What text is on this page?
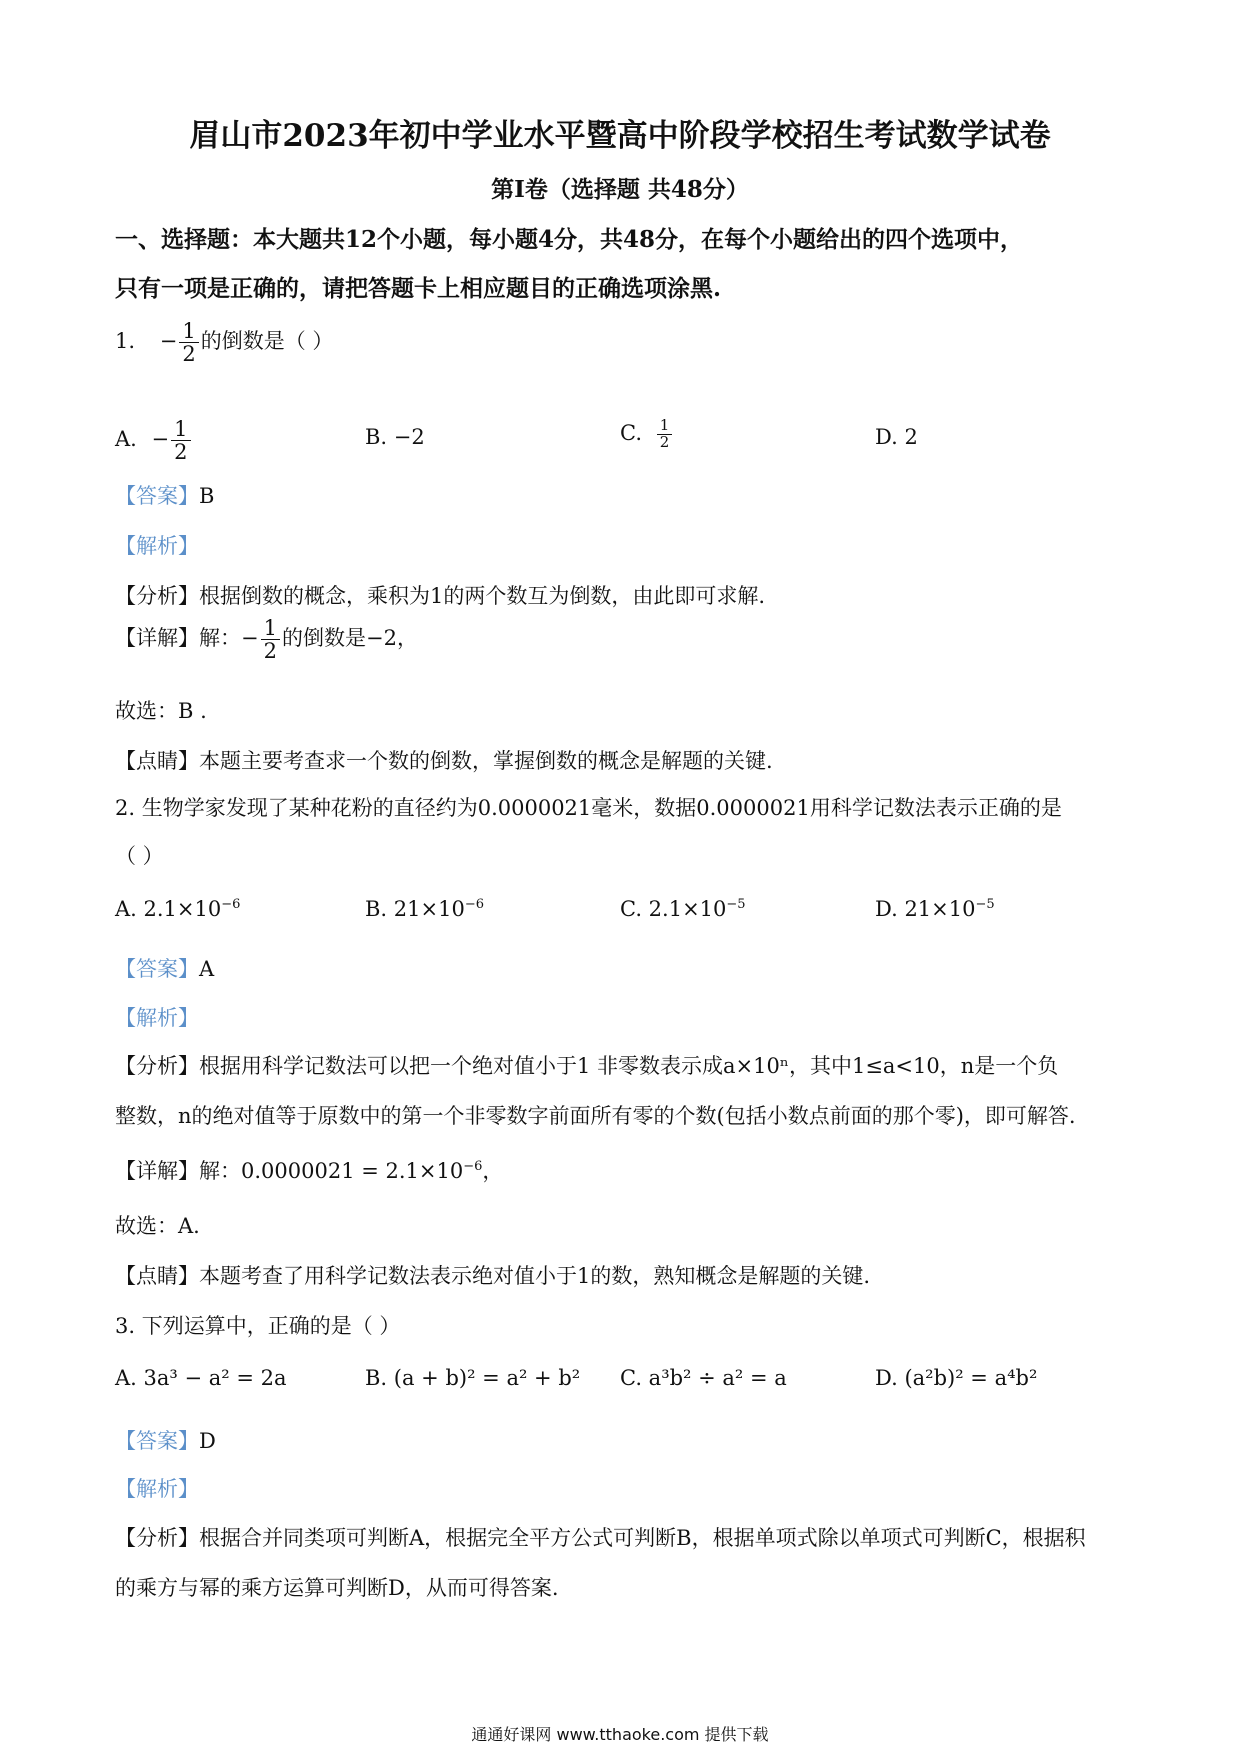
眉山市2023年初中学业水平暨高中阶段学校招生考试数学试卷
第I卷（选择题 共48分）
一、选择题：本大题共12个小题，每小题4分，共48分，在每个小题给出的四个选项中，
只有一项是正确的，请把答题卡上相应题目的正确选项涂黑.
1. − $\frac{1}{2}$ 的倒数是（ ）
A. − $\frac{1}{2}$	B. −2	C. $\frac{1}{2}$	D. 2
【答案】B
【解析】
【分析】根据倒数的概念，乘积为1的两个数互为倒数，由此即可求解.
【详解】解：− $\frac{1}{2}$ 的倒数是−2，
故选：B .
【点睛】本题主要考查求一个数的倒数，掌握倒数的概念是解题的关键.
2. 生物学家发现了某种花粉的直径约为0.0000021毫米，数据0.0000021用科学记数法表示正确的是
（ ）
A. $2.1\times 10^{-6}$	B. $21\times 10^{-6}$	C. $2.1\times 10^{-5}$	D. $21\times 10^{-5}$
【答案】A
【解析】
【分析】根据用科学记数法可以把一个绝对值小于1 非零数表示成a×10ⁿ，其中1≤a<10，n是一个负
整数，n的绝对值等于原数中的第一个非零数字前面所有零的个数(包括小数点前面的那个零)，即可解答.
【详解】解：$0.0000021 = 2.1\times 10^{-6}$，
故选：A.
【点睛】本题考查了用科学记数法表示绝对值小于1的数，熟知概念是解题的关键.
3. 下列运算中，正确的是（ ）
A. 3a³ − a² = 2a	B. (a + b)² = a² + b² C. a³b² ÷ a² = a	D. (a²b)² = a⁴b²
【答案】D
【解析】
【分析】根据合并同类项可判断A，根据完全平方公式可判断B，根据单项式除以单项式可判断C，根据积
的乘方与幂的乘方运算可判断D，从而可得答案.
通通好课网 www.tthaoke.com 提供下载
